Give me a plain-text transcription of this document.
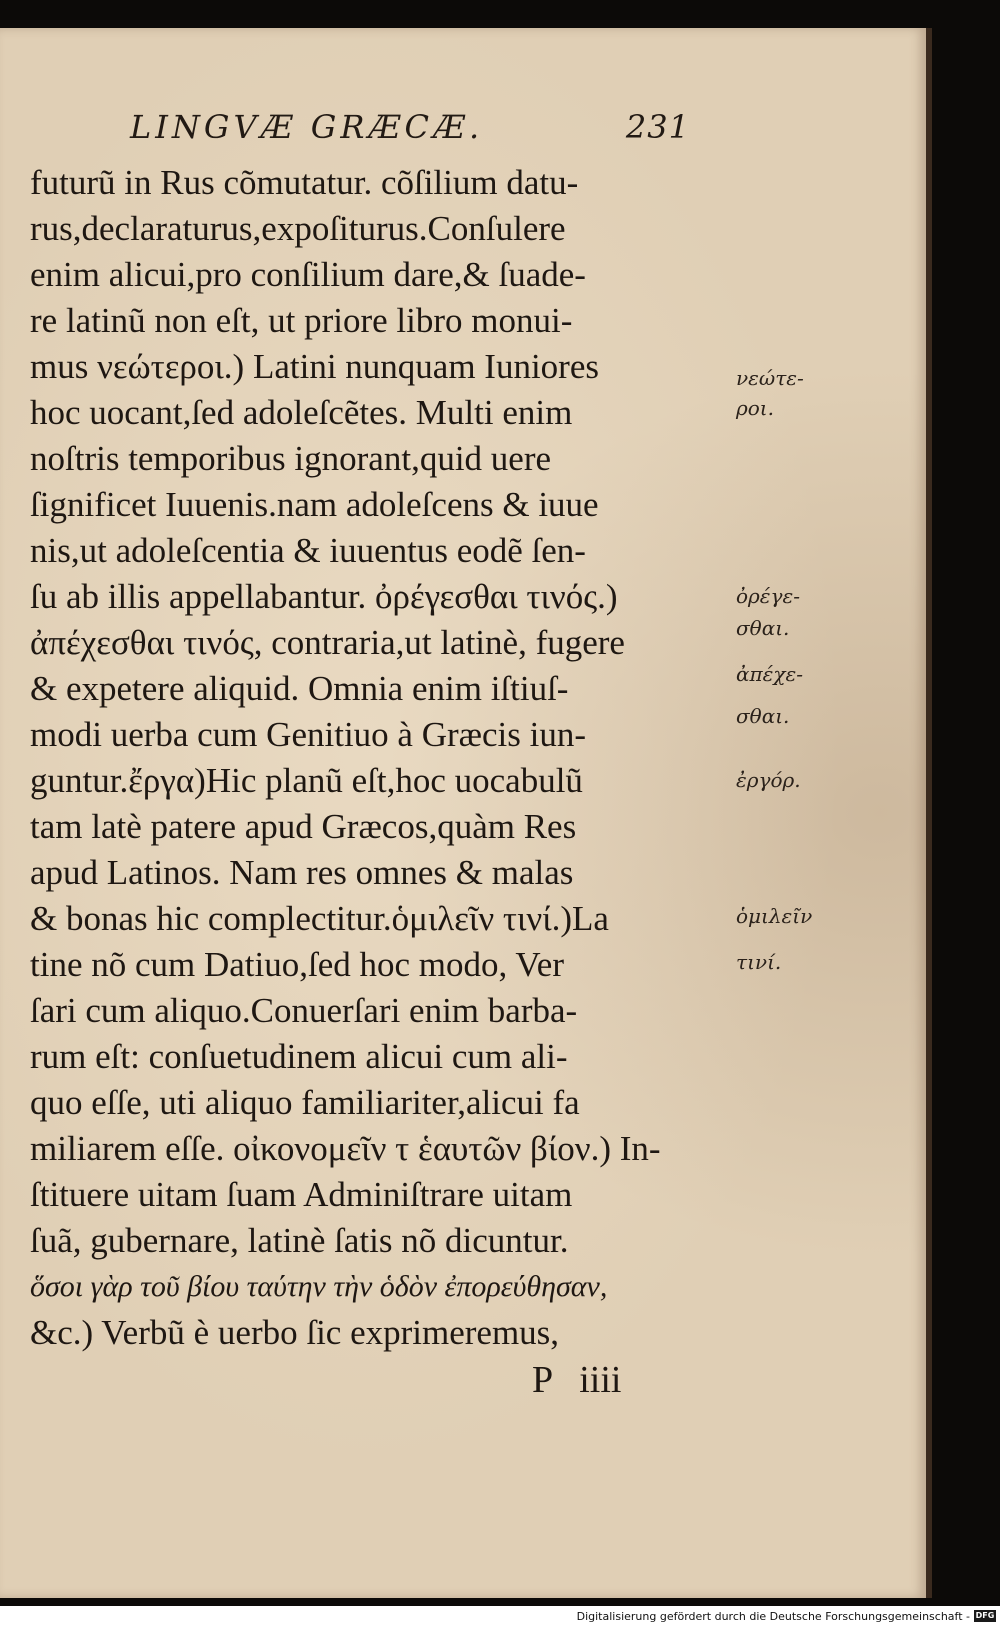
LINGVÆ GRÆCÆ.	231
futurũ in Rus cõmutatur. cõſilium datu-
rus,declaraturus,expoſiturus.Conſulere
enim alicui,pro conſilium dare,& ſuade-
re latinũ non eſt, ut priore libro monui-
mus νεώτεροι.) Latini nunquam Iuniores
hoc uocant,ſed adoleſcẽtes. Multi enim
noſtris temporibus ignorant,quid uere
ſignificet Iuuenis.nam adoleſcens & iuue
nis,ut adoleſcentia & iuuentus eodẽ ſen-
ſu ab illis appellabantur. ὀρέγεσθαι τινός.)
ἀπέχεσθαι τινός, contraria,ut latinè, fugere
& expetere aliquid. Omnia enim iſtiuſ-
modi uerba cum Genitiuo à Græcis iun-
guntur.ἔργα)Hic planũ eſt,hoc uocabulũ
tam latè patere apud Græcos,quàm Res
apud Latinos. Nam res omnes & malas
& bonas hic complectitur.ὁμιλεῖν τινί.)La
tine nõ cum Datiuo,ſed hoc modo, Ver
ſari cum aliquo.Conuerſari enim barba-
rum eſt: conſuetudinem alicui cum ali-
quo eſſe, uti aliquo familiariter,alicui fa
miliarem eſſe. οἰκονομεῖν τ ἑαυτῶν βίον.) In-
ſtituere uitam ſuam Adminiſtrare uitam
ſuã, gubernare, latinè ſatis nõ dicuntur.
ὅσοι γὰρ τοῦ βίου ταύτην τὴν ὁδὸν ἐπορεύθησαν,
&c.) Verbũ è uerbo ſic exprimeremus,
P iiii
νεώτε-
ροι.
ὀρέγε-
σθαι.
ἀπέχε-
σθαι.
ἐργόρ.
ὁμιλεῖν
τινί.
Digitalisierung gefördert durch die Deutsche Forschungsgemeinschaft - DFG
